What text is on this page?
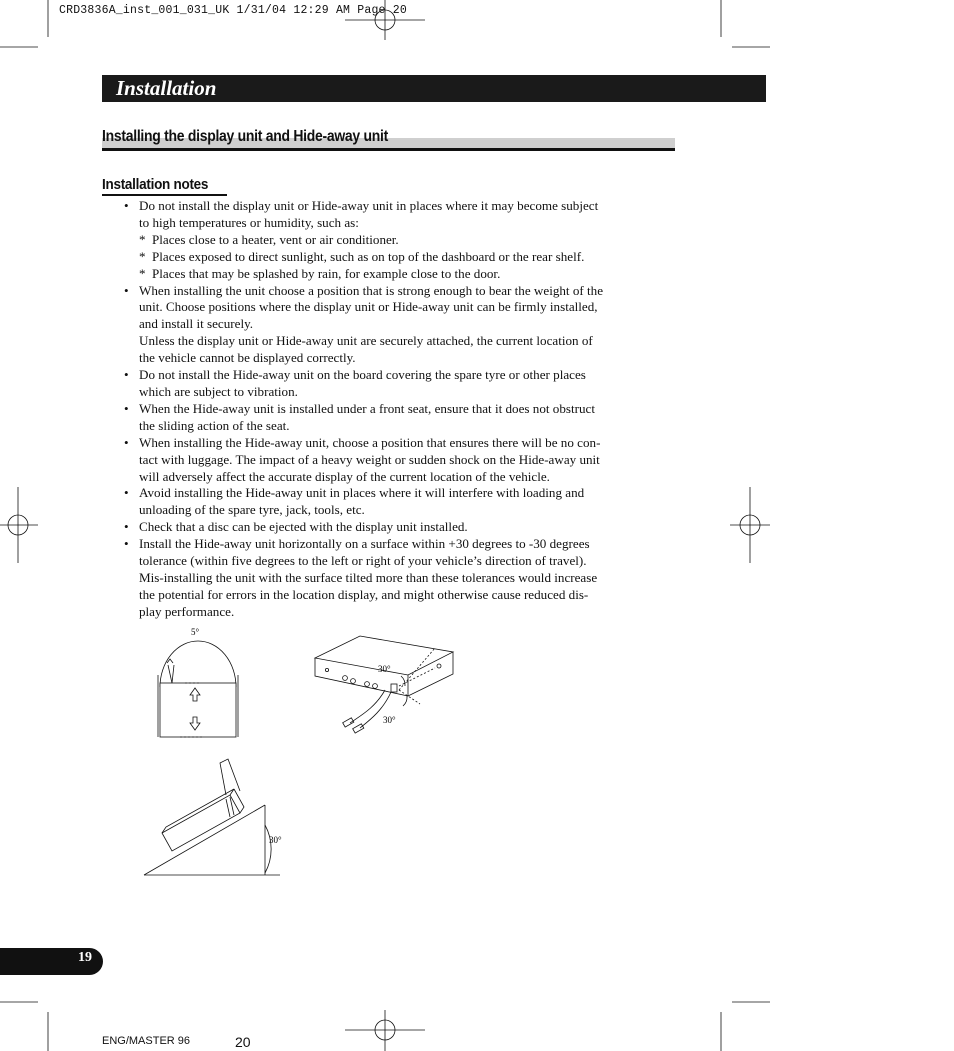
CRD3836A_inst_001_031_UK 1/31/04 12:29 AM Page 20
Installation
Installing the display unit and Hide-away unit
Installation notes
• Do not install the display unit or Hide-away unit in places where it may become subject
to high temperatures or humidity, such as:
* Places close to a heater, vent or air conditioner.
* Places exposed to direct sunlight, such as on top of the dashboard or the rear shelf.
* Places that may be splashed by rain, for example close to the door.
• When installing the unit choose a position that is strong enough to bear the weight of the
unit. Choose positions where the display unit or Hide-away unit can be firmly installed,
and install it securely.
Unless the display unit or Hide-away unit are securely attached, the current location of
the vehicle cannot be displayed correctly.
• Do not install the Hide-away unit on the board covering the spare tyre or other places
which are subject to vibration.
• When the Hide-away unit is installed under a front seat, ensure that it does not obstruct
the sliding action of the seat.
• When installing the Hide-away unit, choose a position that ensures there will be no con-
tact with luggage. The impact of a heavy weight or sudden shock on the Hide-away unit
will adversely affect the accurate display of the current location of the vehicle.
• Avoid installing the Hide-away unit in places where it will interfere with loading and
unloading of the spare tyre, jack, tools, etc.
• Check that a disc can be ejected with the display unit installed.
• Install the Hide-away unit horizontally on a surface within +30 degrees to -30 degrees
tolerance (within five degrees to the left or right of your vehicle’s direction of travel).
Mis-installing the unit with the surface tilted more than these tolerances would increase
the potential for errors in the location display, and might otherwise cause reduced dis-
play performance.
5°
30°
30°
30°
19
ENG/MASTER 96	20
